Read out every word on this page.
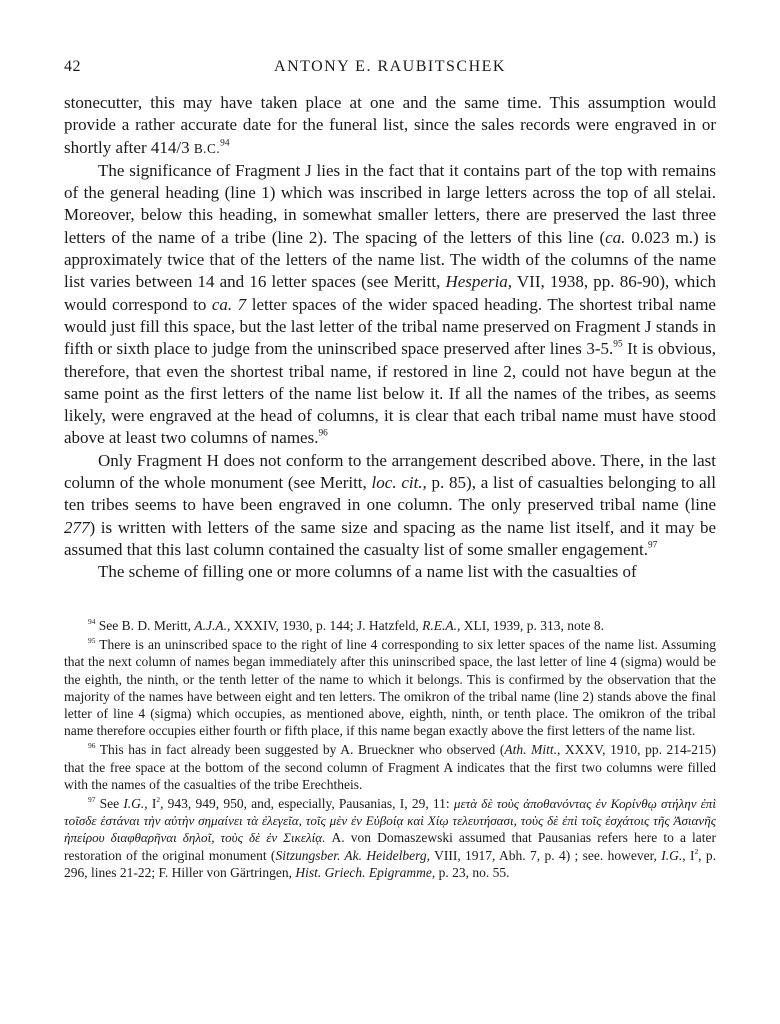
42	ANTONY E. RAUBITSCHEK

stonecutter, this may have taken place at one and the same time. This assumption would provide a rather accurate date for the funeral list, since the sales records were engraved in or shortly after 414/3 B.C.$^{94}$

The significance of Fragment J lies in the fact that it contains part of the top with remains of the general heading (line 1) which was inscribed in large letters across the top of all stelai. Moreover, below this heading, in somewhat smaller letters, there are preserved the last three letters of the name of a tribe (line 2). The spacing of the letters of this line (ca. 0.023 m.) is approximately twice that of the letters of the name list. The width of the columns of the name list varies between 14 and 16 letter spaces (see Meritt, Hesperia, VII, 1938, pp. 86-90), which would correspond to ca. 7 letter spaces of the wider spaced heading. The shortest tribal name would just fill this space, but the last letter of the tribal name preserved on Fragment J stands in fifth or sixth place to judge from the uninscribed space preserved after lines 3-5.95 It is obvious, therefore, that even the shortest tribal name, if restored in line 2, could not have begun at the same point as the first letters of the name list below it. If all the names of the tribes, as seems likely, were engraved at the head of columns, it is clear that each tribal name must have stood above at least two columns of names.$^{96}$

Only Fragment H does not conform to the arrangement described above. There, in the last column of the whole monument (see Meritt, loc. cit., p. 85), a list of casualties belonging to all ten tribes seems to have been engraved in one column. The only preserved tribal name (line 277) is written with letters of the same size and spacing as the name list itself, and it may be assumed that this last column contained the casualty list of some smaller engagement.$^{97}$

The scheme of filling one or more columns of a name list with the casualties of

$^{94}$ See B. D. Meritt, A.J.A., XXXIV, 1930, p. 144; J. Hatzfeld, R.E.A., XLI, 1939, p. 313, note 8.

$^{95}$ There is an uninscribed space to the right of line 4 corresponding to six letter spaces of the name list. Assuming that the next column of names began immediately after this uninscribed space, the last letter of line 4 (sigma) would be the eighth, the ninth, or the tenth letter of the name to which it belongs. This is confirmed by the observation that the majority of the names have between eight and ten letters. The omikron of the tribal name (line 2) stands above the final letter of line 4 (sigma) which occupies, as mentioned above, eighth, ninth, or tenth place. The omikron of the tribal name therefore occupies either fourth or fifth place, if this name began exactly above the first letters of the name list.

$^{96}$ This has in fact already been suggested by A. Brueckner who observed (Ath. Mitt., XXXV, 1910, pp. 214-215) that the free space at the bottom of the second column of Fragment A indicates that the first two columns were filled with the names of the casualties of the tribe Erechtheis.

$^{97}$ See I.G., $I^2$, 943, 949, 950, and, especially, Pausanias, I, 29, 11: μετὰ δὲ τοὺς ἀποθανόντας ἐν Κορίνθῳ στήλην ἐπὶ τοῖσδε ἑστάναι τὴν αὐτὴν σημαίνει τὰ ἐλεγεῖα, τοῖς μὲν ἐν Εὐβοίᾳ καὶ Χίῳ τελευτήσασι, τοὺς δὲ ἐπὶ τοῖς ἐσχάτοις τῆς Ἀσιανῆς ἠπείρου διαφθαρῆναι δηλοῖ, τοὺς δὲ ἐν Σικελίᾳ. A. von Domaszewski assumed that Pausanias refers here to a later restoration of the original monument (Sitzungsber. Ak. Heidelberg, VIII, 1917, Abh. 7, p. 4) ; see. however, I.G., $I^2$, p. 296, lines 21-22; F. Hiller von Gärtringen, Hist. Griech. Epigramme, p. 23, no. 55.
